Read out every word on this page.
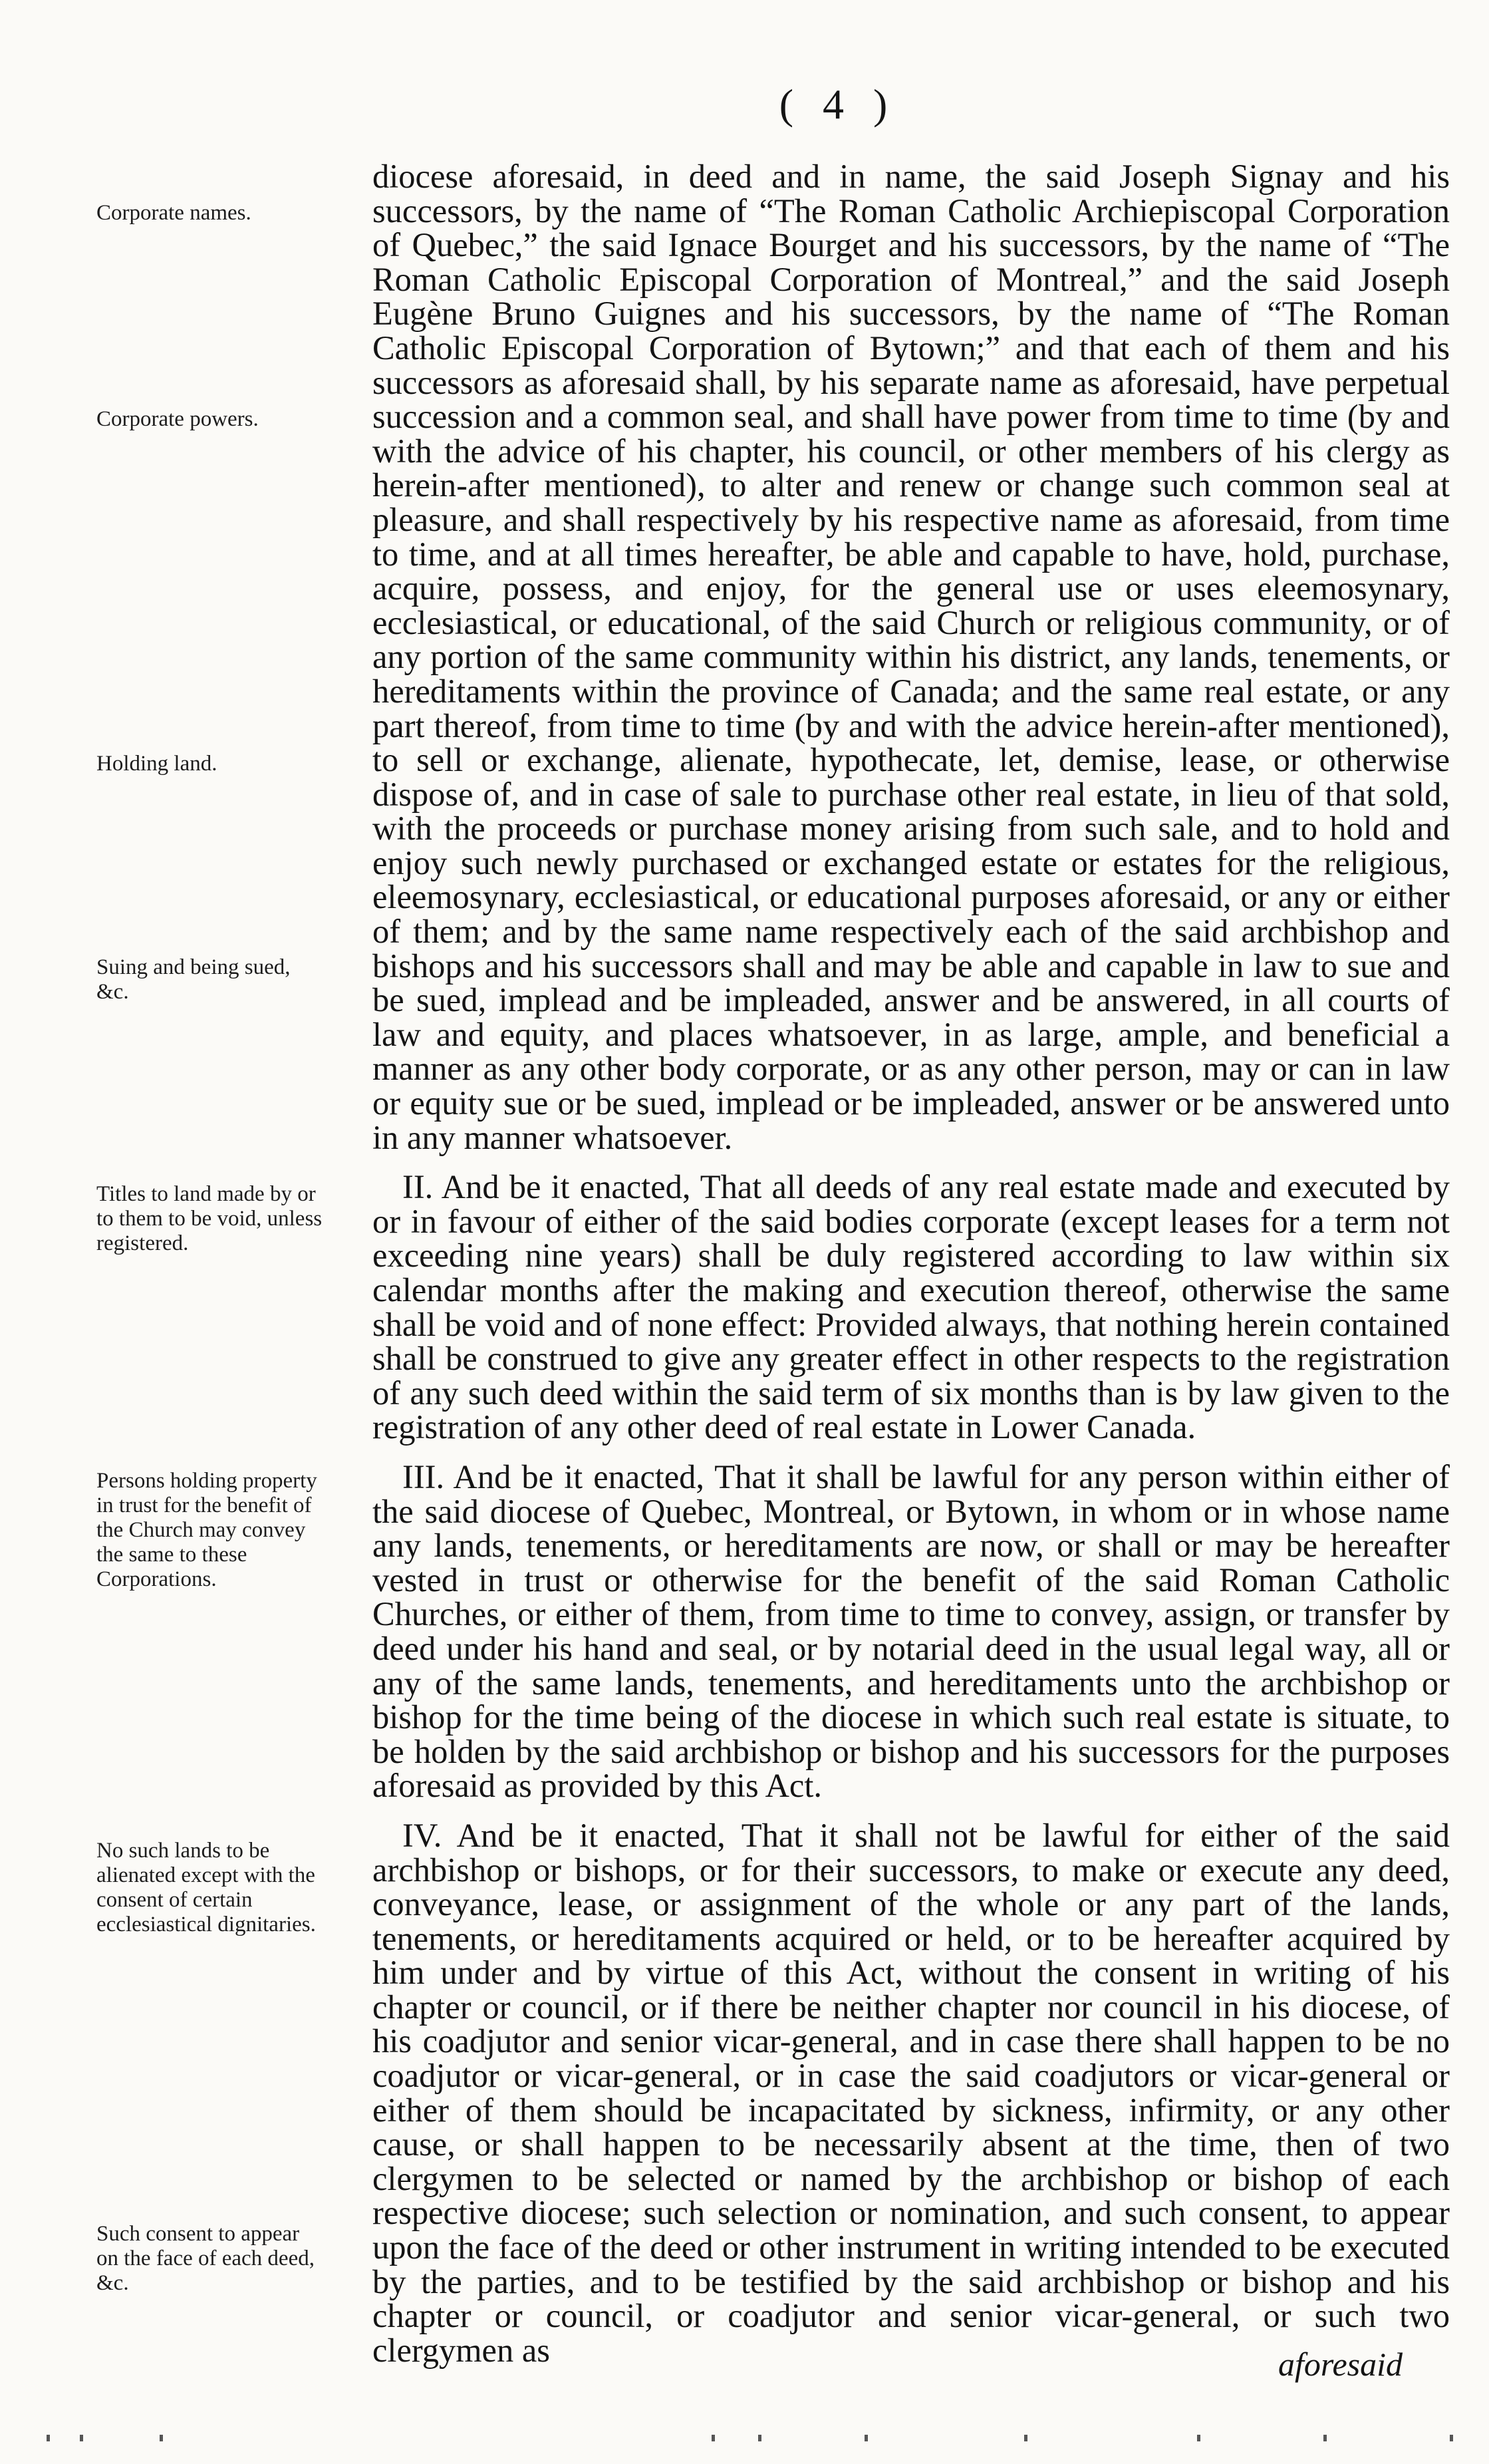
( 4 )
Corporate names.
Corporate powers.
Holding land.
Suing and being sued, &c.
Titles to land made by or to them to be void, unless registered.
Persons holding property in trust for the benefit of the Church may convey the same to these Corporations.
No such lands to be alienated except with the consent of certain ecclesiastical dignitaries.
Such consent to appear on the face of each deed, &c.

diocese aforesaid, in deed and in name, the said Joseph Signay and his successors, by the name of “The Roman Catholic Archiepiscopal Corporation of Quebec,” the said Ignace Bourget and his successors, by the name of “The Roman Catholic Episcopal Corporation of Montreal,” and the said Joseph Eugène Bruno Guignes and his successors, by the name of “The Roman Catholic Episcopal Corporation of Bytown;” and that each of them and his successors as aforesaid shall, by his separate name as aforesaid, have perpetual succession and a common seal, and shall have power from time to time (by and with the advice of his chapter, his council, or other members of his clergy as herein-after mentioned), to alter and renew or change such common seal at pleasure, and shall respectively by his respective name as aforesaid, from time to time, and at all times hereafter, be able and capable to have, hold, purchase, acquire, possess, and enjoy, for the general use or uses eleemosynary, ecclesiastical, or educational, of the said Church or religious community, or of any portion of the same community within his district, any lands, tenements, or hereditaments within the province of Canada; and the same real estate, or any part thereof, from time to time (by and with the advice herein-after mentioned), to sell or exchange, alienate, hypothecate, let, demise, lease, or otherwise dispose of, and in case of sale to purchase other real estate, in lieu of that sold, with the proceeds or purchase money arising from such sale, and to hold and enjoy such newly purchased or exchanged estate or estates for the religious, eleemosynary, ecclesiastical, or educational purposes aforesaid, or any or either of them; and by the same name respectively each of the said archbishop and bishops and his successors shall and may be able and capable in law to sue and be sued, implead and be impleaded, answer and be answered, in all courts of law and equity, and places whatsoever, in as large, ample, and beneficial a manner as any other body corporate, or as any other person, may or can in law or equity sue or be sued, implead or be impleaded, answer or be answered unto in any manner whatsoever.

II. And be it enacted, That all deeds of any real estate made and executed by or in favour of either of the said bodies corporate (except leases for a term not exceeding nine years) shall be duly registered according to law within six calendar months after the making and execution thereof, otherwise the same shall be void and of none effect: Provided always, that nothing herein contained shall be construed to give any greater effect in other respects to the registration of any such deed within the said term of six months than is by law given to the registration of any other deed of real estate in Lower Canada.

III. And be it enacted, That it shall be lawful for any person within either of the said diocese of Quebec, Montreal, or Bytown, in whom or in whose name any lands, tenements, or hereditaments are now, or shall or may be hereafter vested in trust or otherwise for the benefit of the said Roman Catholic Churches, or either of them, from time to time to convey, assign, or transfer by deed under his hand and seal, or by notarial deed in the usual legal way, all or any of the same lands, tenements, and hereditaments unto the archbishop or bishop for the time being of the diocese in which such real estate is situate, to be holden by the said archbishop or bishop and his successors for the purposes aforesaid as provided by this Act.

IV. And be it enacted, That it shall not be lawful for either of the said archbishop or bishops, or for their successors, to make or execute any deed, conveyance, lease, or assignment of the whole or any part of the lands, tenements, or hereditaments acquired or held, or to be hereafter acquired by him under and by virtue of this Act, without the consent in writing of his chapter or council, or if there be neither chapter nor council in his diocese, of his coadjutor and senior vicar-general, and in case there shall happen to be no coadjutor or vicar-general, or in case the said coadjutors or vicar-general or either of them should be incapacitated by sickness, infirmity, or any other cause, or shall happen to be necessarily absent at the time, then of two clergymen to be selected or named by the archbishop or bishop of each respective diocese; such selection or nomination, and such consent, to appear upon the face of the deed or other instrument in writing intended to be executed by the parties, and to be testified by the said archbishop or bishop and his chapter or council, or coadjutor and senior vicar-general, or such two clergymen as	aforesaid
